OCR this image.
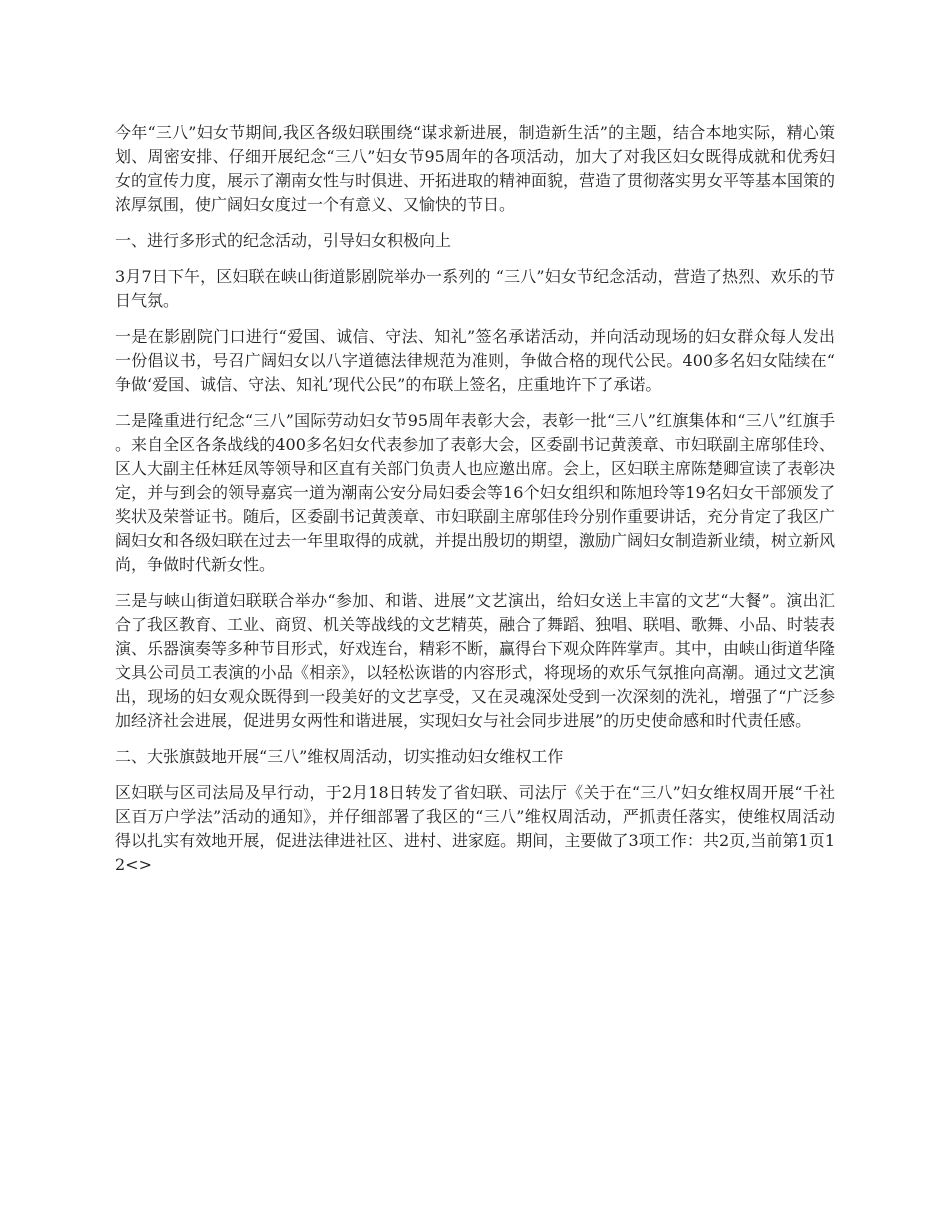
今年“三八”妇女节期间,我区各级妇联围绕“谋求新进展，制造新生活”的主题，结合本地实际，精心策划、周密安排、仔细开展纪念“三八”妇女节95周年的各项活动，加大了对我区妇女既得成就和优秀妇女的宣传力度，展示了潮南女性与时俱进、开拓进取的精神面貌，营造了贯彻落实男女平等基本国策的浓厚氛围，使广阔妇女度过一个有意义、又愉快的节日。

一、进行多形式的纪念活动，引导妇女积极向上

3月7日下午，区妇联在峡山街道影剧院举办一系列的 “三八”妇女节纪念活动，营造了热烈、欢乐的节日气氛。

一是在影剧院门口进行“爱国、诚信、守法、知礼”签名承诺活动，并向活动现场的妇女群众每人发出一份倡议书，号召广阔妇女以八字道德法律规范为准则，争做合格的现代公民。400多名妇女陆续在“争做‘爱国、诚信、守法、知礼’现代公民”的布联上签名，庄重地许下了承诺。

二是隆重进行纪念“三八”国际劳动妇女节95周年表彰大会，表彰一批“三八”红旗集体和“三八”红旗手。来自全区各条战线的400多名妇女代表参加了表彰大会，区委副书记黄羡章、市妇联副主席邬佳玲、区人大副主任林廷凤等领导和区直有关部门负责人也应邀出席。会上，区妇联主席陈楚卿宣读了表彰决定，并与到会的领导嘉宾一道为潮南公安分局妇委会等16个妇女组织和陈旭玲等19名妇女干部颁发了奖状及荣誉证书。随后，区委副书记黄羡章、市妇联副主席邬佳玲分别作重要讲话，充分肯定了我区广阔妇女和各级妇联在过去一年里取得的成就，并提出殷切的期望，激励广阔妇女制造新业绩，树立新风尚，争做时代新女性。

三是与峡山街道妇联联合举办“参加、和谐、进展”文艺演出，给妇女送上丰富的文艺“大餐”。演出汇合了我区教育、工业、商贸、机关等战线的文艺精英，融合了舞蹈、独唱、联唱、歌舞、小品、时装表演、乐器演奏等多种节目形式，好戏连台，精彩不断，赢得台下观众阵阵掌声。其中，由峡山街道华隆文具公司员工表演的小品《相亲》，以轻松诙谐的内容形式，将现场的欢乐气氛推向高潮。通过文艺演出，现场的妇女观众既得到一段美好的文艺享受，又在灵魂深处受到一次深刻的洗礼，增强了“广泛参加经济社会进展，促进男女两性和谐进展，实现妇女与社会同步进展”的历史使命感和时代责任感。

二、大张旗鼓地开展“三八”维权周活动，切实推动妇女维权工作

区妇联与区司法局及早行动，于2月18日转发了省妇联、司法厅《关于在“三八”妇女维权周开展“千社区百万户学法”活动的通知》，并仔细部署了我区的“三八”维权周活动，严抓责任落实，使维权周活动得以扎实有效地开展，促进法律进社区、进村、进家庭。期间，主要做了3项工作：共2页,当前第1页12<>
